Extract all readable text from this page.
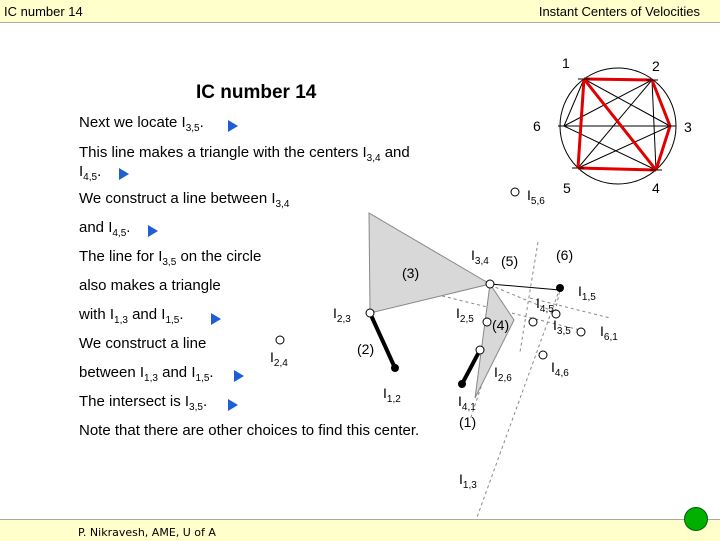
IC number 14	Instant Centers of Velocities
IC number 14
1	2
3
4
5
6
$I_{5,6}$
$I_{3,4}$
$I_{1,5}$
$I_{4,5}$
$I_{3,5}$ $I_{6,1}$
$I_{4,6}$
$I_{2,3}$	$I_{2,5}$
$I_{2,4}$
$I_{2,6}$
$I_{1,2}$	$I_{4,1}$
$I_{1,3}$
(1)
(2)
(3)
(4)
(5)	(6)
Next we locate $I_{3,5}$.
This line makes a triangle with the centers $I_{3,4}$ and
$I_{4,5}$.
We construct a line between $I_{3,4}$
and $I_{4,5}$.
The line for $I_{3,5}$ on the circle
also makes a triangle
with $I_{1,3}$ and $I_{1,5}$.
We construct a line
between $I_{1,3}$ and $I_{1,5}$.
The intersect is $I_{3,5}$.
Note that there are other choices to find this center.
P. Nikravesh, AME, U of A
